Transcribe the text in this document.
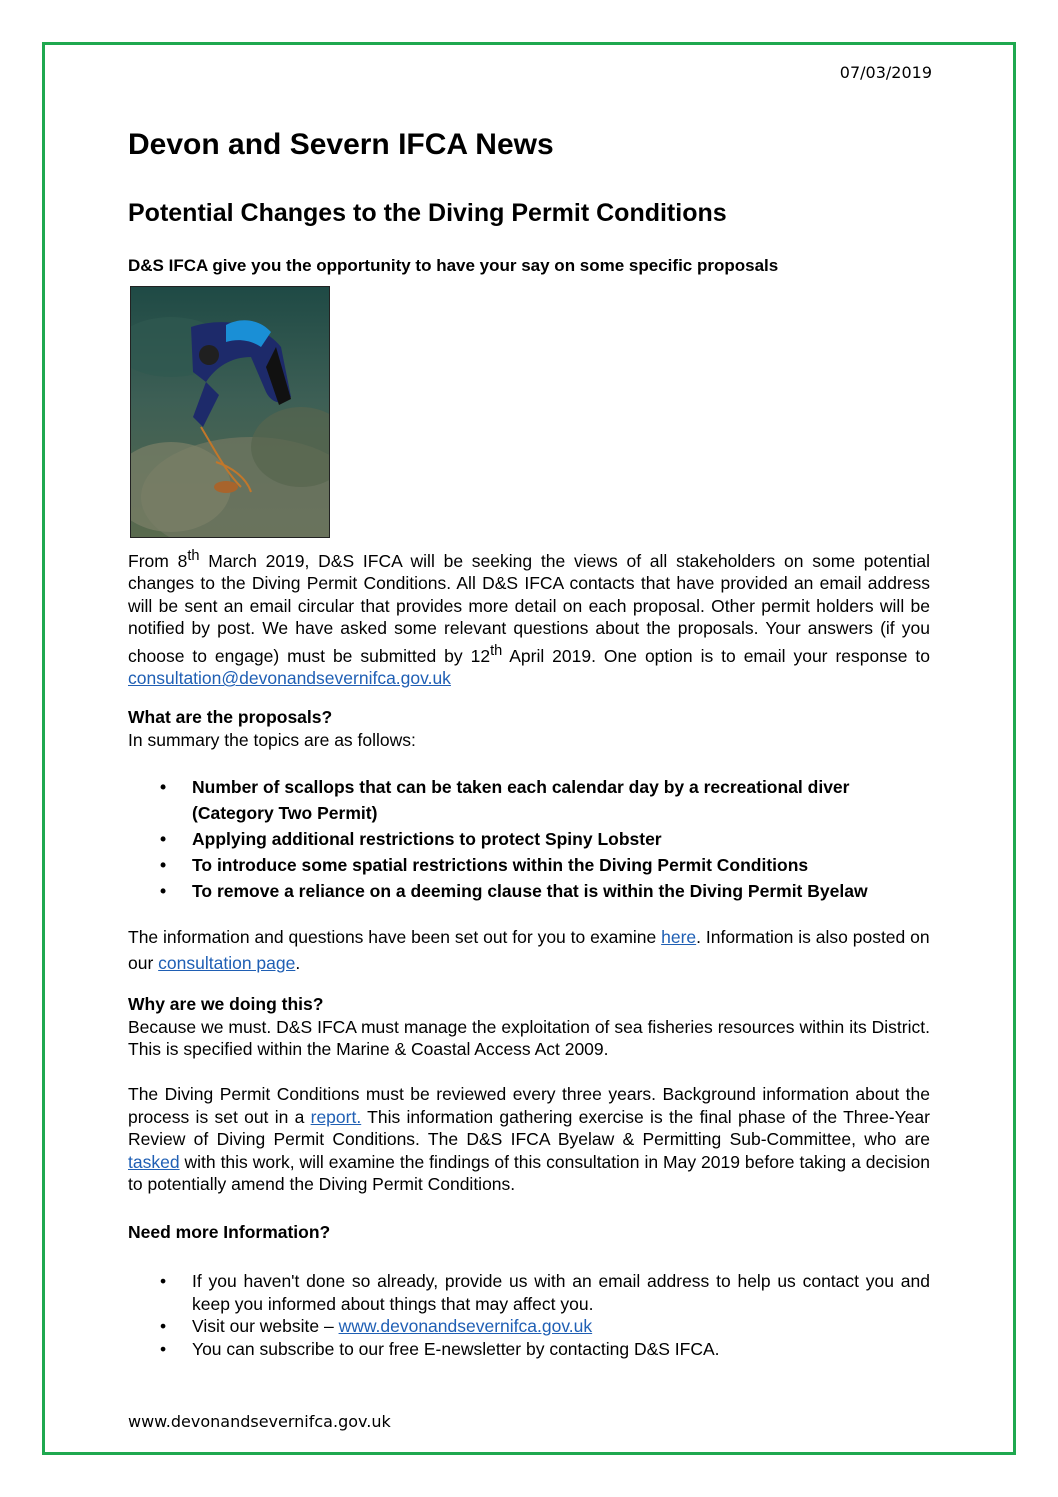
07/03/2019
Devon and Severn IFCA News
Potential Changes to the Diving Permit Conditions
D&S IFCA give you the opportunity to have your say on some specific proposals

From 8th March 2019, D&S IFCA will be seeking the views of all stakeholders on some potential changes to the Diving Permit Conditions. All D&S IFCA contacts that have provided an email address will be sent an email circular that provides more detail on each proposal. Other permit holders will be notified by post. We have asked some relevant questions about the proposals. Your answers (if you choose to engage) must be submitted by 12th April 2019. One option is to email your response to consultation@devonandsevernifca.gov.uk

What are the proposals?

In summary the topics are as follows:

• Number of scallops that can be taken each calendar day by a recreational diver (Category Two Permit)
• Applying additional restrictions to protect Spiny Lobster
• To introduce some spatial restrictions within the Diving Permit Conditions
• To remove a reliance on a deeming clause that is within the Diving Permit Byelaw

The information and questions have been set out for you to examine here. Information is also posted on our consultation page.

Why are we doing this?

Because we must. D&S IFCA must manage the exploitation of sea fisheries resources within its District. This is specified within the Marine & Coastal Access Act 2009.

The Diving Permit Conditions must be reviewed every three years. Background information about the process is set out in a report. This information gathering exercise is the final phase of the Three-Year Review of Diving Permit Conditions. The D&S IFCA Byelaw & Permitting Sub-Committee, who are tasked with this work, will examine the findings of this consultation in May 2019 before taking a decision to potentially amend the Diving Permit Conditions.

Need more Information?

• If you haven't done so already, provide us with an email address to help us contact you and keep you informed about things that may affect you.
• Visit our website – www.devonandsevernifca.gov.uk
• You can subscribe to our free E-newsletter by contacting D&S IFCA.
www.devonandsevernifca.gov.uk
